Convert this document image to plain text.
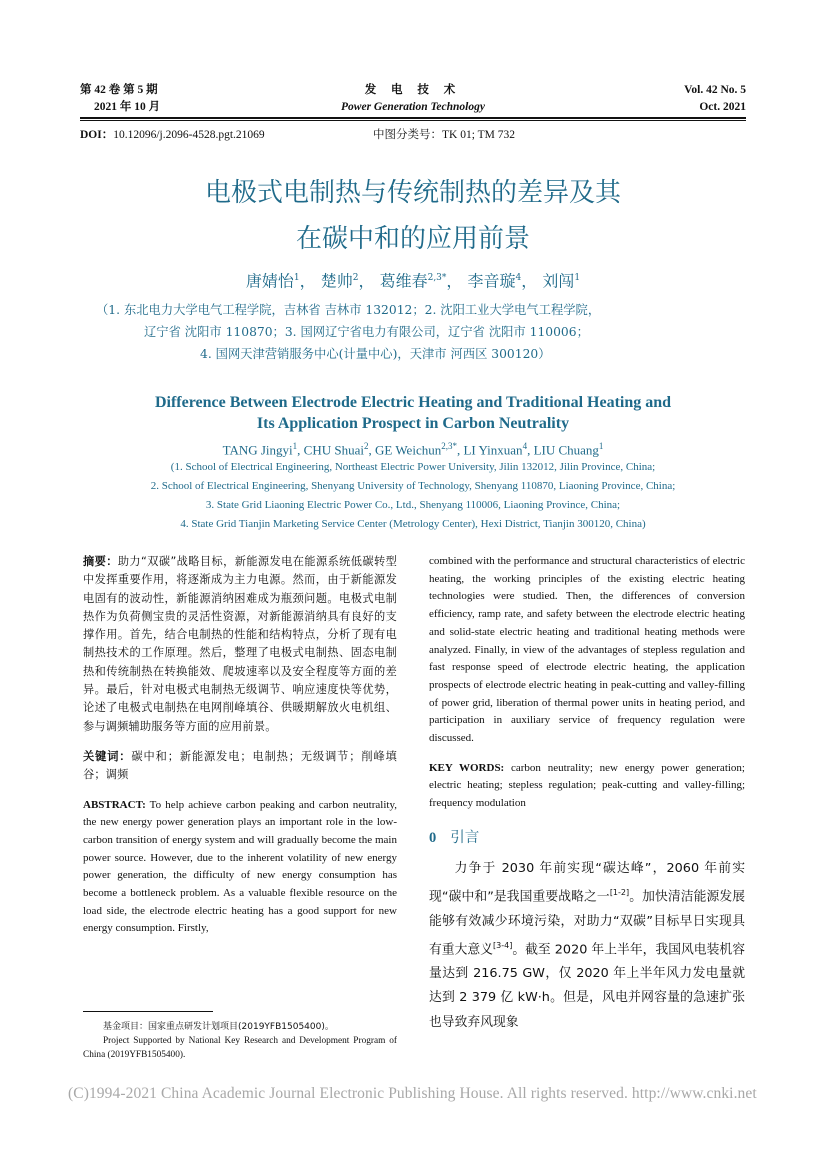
第 42 卷 第 5 期
2021 年 10 月
发 电 技 术
Power Generation Technology
Vol. 42 No. 5
Oct. 2021
DOI：10.12096/j.2096-4528.pgt.21069	中图分类号：TK 01; TM 732
电极式电制热与传统制热的差异及其
在碳中和的应用前景
唐婧怡$^1$， 楚帅$^2$， 葛维春$^{2,3*}$， 李音璇$^4$， 刘闯$^1$
（1. 东北电力大学电气工程学院，吉林省 吉林市 132012；2. 沈阳工业大学电气工程学院，
辽宁省 沈阳市 110870；3. 国网辽宁省电力有限公司，辽宁省 沈阳市 110006；
4. 国网天津营销服务中心(计量中心)，天津市 河西区 300120）
Difference Between Electrode Electric Heating and Traditional Heating and
Its Application Prospect in Carbon Neutrality
TANG Jingyi$^1$, CHU Shuai$^2$, GE Weichun$^{2,3*}$, LI Yinxuan$^4$, LIU Chuang$^1$
(1. School of Electrical Engineering, Northeast Electric Power University, Jilin 132012, Jilin Province, China;
2. School of Electrical Engineering, Shenyang University of Technology, Shenyang 110870, Liaoning Province, China;
3. State Grid Liaoning Electric Power Co., Ltd., Shenyang 110006, Liaoning Province, China;
4. State Grid Tianjin Marketing Service Center (Metrology Center), Hexi District, Tianjin 300120, China)
摘要：助力“双碳”战略目标，新能源发电在能源系统低碳转型中发挥重要作用，将逐渐成为主力电源。然而，由于新能源发电固有的波动性，新能源消纳困难成为瓶颈问题。电极式电制热作为负荷侧宝贵的灵活性资源，对新能源消纳具有良好的支撑作用。首先，结合电制热的性能和结构特点，分析了现有电制热技术的工作原理。然后，整理了电极式电制热、固态电制热和传统制热在转换能效、爬坡速率以及安全程度等方面的差异。最后，针对电极式电制热无级调节、响应速度快等优势，论述了电极式电制热在电网削峰填谷、供暖期解放火电机组、参与调频辅助服务等方面的应用前景。
关键词：碳中和；新能源发电；电制热；无级调节；削峰填谷；调频
ABSTRACT: To help achieve carbon peaking and carbon neutrality, the new energy power generation plays an important role in the low-carbon transition of energy system and will gradually become the main power source. However, due to the inherent volatility of new energy power generation, the difficulty of new energy consumption has become a bottleneck problem. As a valuable flexible resource on the load side, the electrode electric heating has a good support for new energy consumption. Firstly,
combined with the performance and structural characteristics of electric heating, the working principles of the existing electric heating technologies were studied. Then, the differences of conversion efficiency, ramp rate, and safety between the electrode electric heating and solid-state electric heating and traditional heating methods were analyzed. Finally, in view of the advantages of stepless regulation and fast response speed of electrode electric heating, the application prospects of electrode electric heating in peak-cutting and valley-filling of power grid, liberation of thermal power units in heating period, and participation in auxiliary service of frequency regulation were discussed.
KEY WORDS: carbon neutrality; new energy power generation; electric heating; stepless regulation; peak-cutting and valley-filling; frequency modulation
0 引言
力争于 2030 年前实现“碳达峰”，2060 年前实现“碳中和”是我国重要战略之一[1-2]。加快清洁能源发展能够有效减少环境污染，对助力“双碳”目标早日实现具有重大意义[3-4]。截至 2020 年上半年，我国风电装机容量达到 216.75 GW，仅 2020 年上半年风力发电量就达到 2 379 亿 kW·h。但是，风电并网容量的急速扩张也导致弃风现象
基金项目：国家重点研发计划项目(2019YFB1505400)。
Project Supported by National Key Research and Development Program of China (2019YFB1505400).
(C)1994-2021 China Academic Journal Electronic Publishing House. All rights reserved. http://www.cnki.net
